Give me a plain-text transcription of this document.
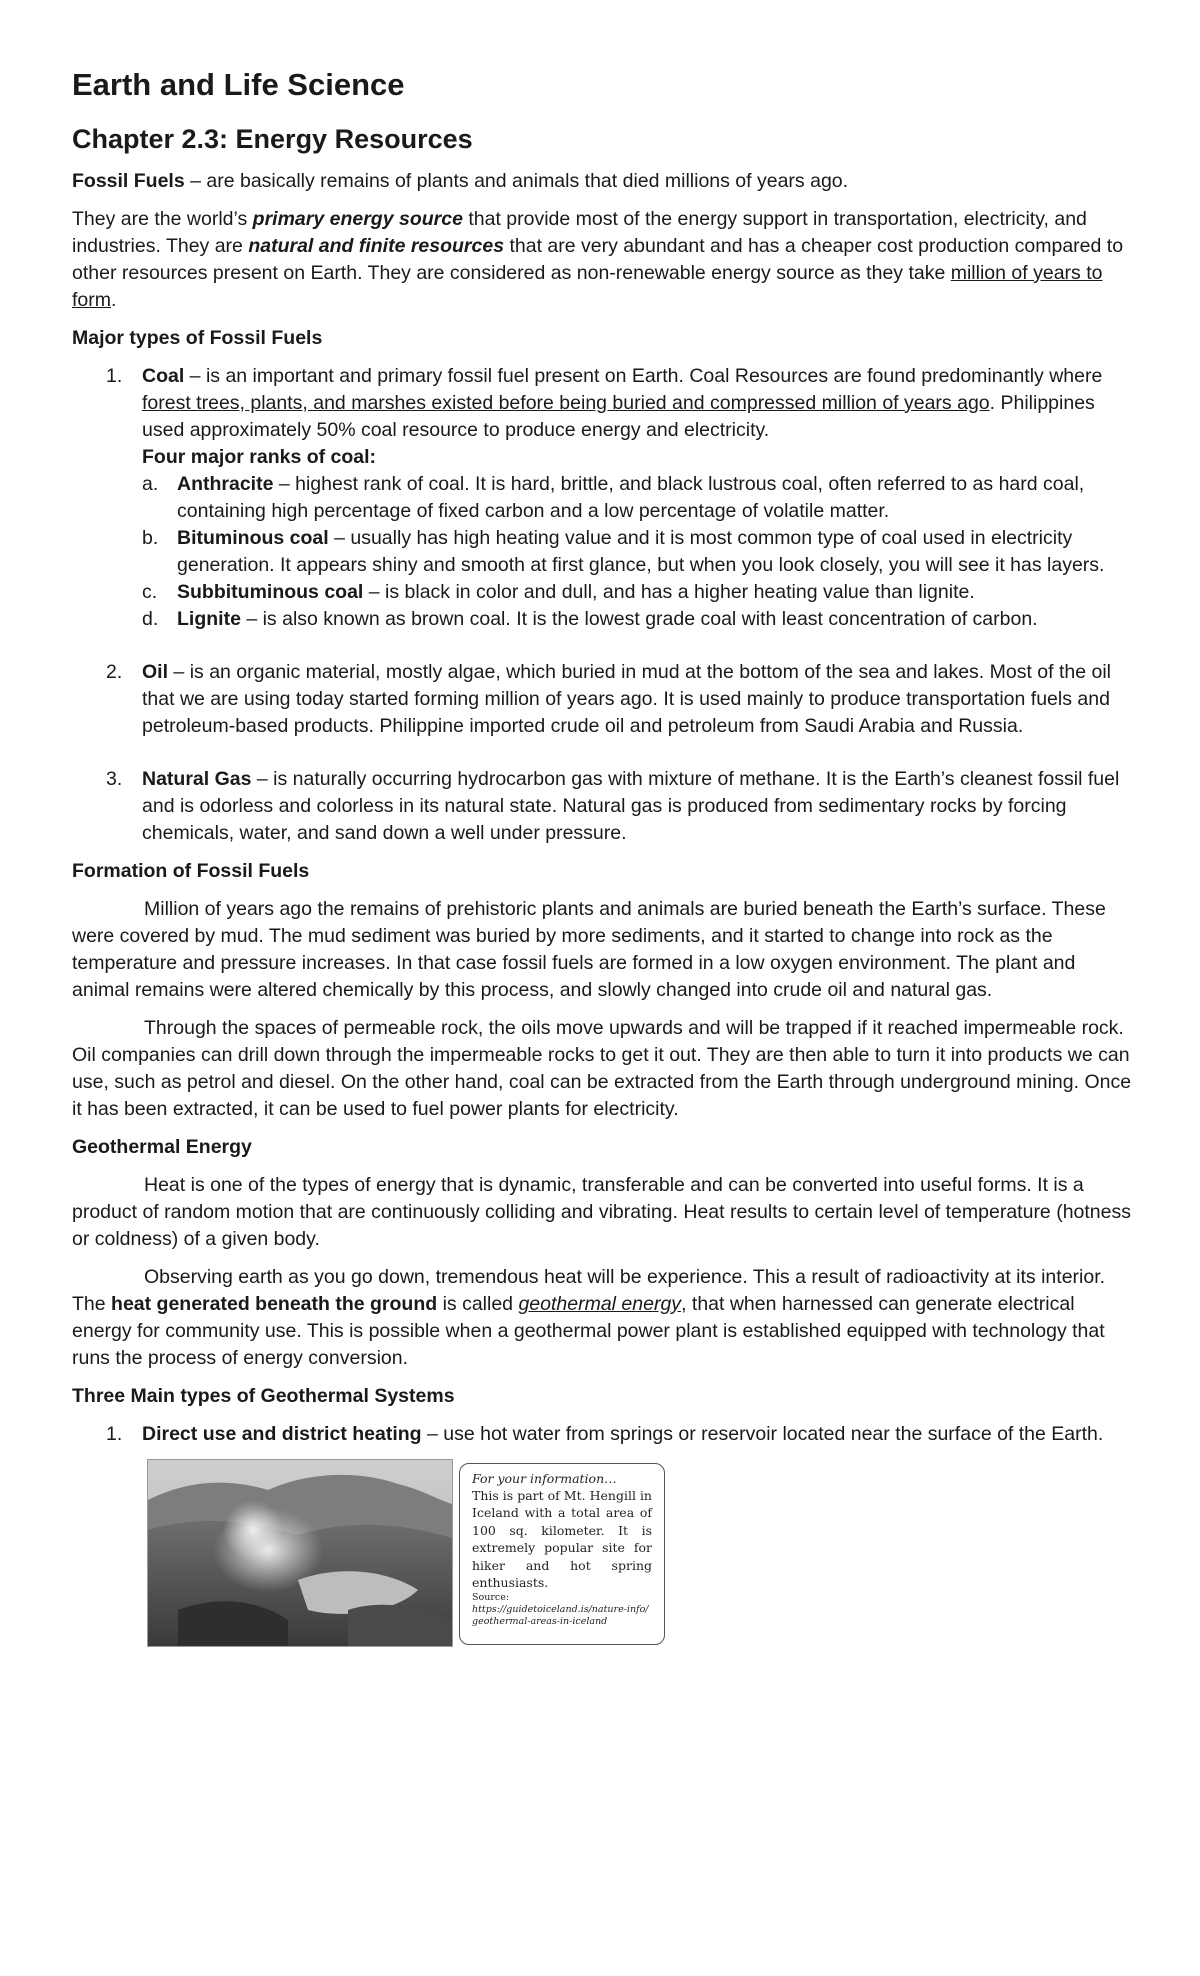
Earth and Life Science
Chapter 2.3: Energy Resources

Fossil Fuels – are basically remains of plants and animals that died millions of years ago.

They are the world’s primary energy source that provide most of the energy support in transportation, electricity, and industries. They are natural and finite resources that are very abundant and has a cheaper cost production compared to other resources present on Earth. They are considered as non-renewable energy source as they take million of years to form.

Major types of Fossil Fuels
1. Coal – is an important and primary fossil fuel present on Earth. Coal Resources are found predominantly where forest trees, plants, and marshes existed before being buried and compressed million of years ago. Philippines used approximately 50% coal resource to produce energy and electricity.
Four major ranks of coal:
a. Anthracite – highest rank of coal. It is hard, brittle, and black lustrous coal, often referred to as hard coal, containing high percentage of fixed carbon and a low percentage of volatile matter.
b. Bituminous coal – usually has high heating value and it is most common type of coal used in electricity generation. It appears shiny and smooth at first glance, but when you look closely, you will see it has layers.
c. Subbituminous coal – is black in color and dull, and has a higher heating value than lignite.
d. Lignite – is also known as brown coal. It is the lowest grade coal with least concentration of carbon.
2. Oil – is an organic material, mostly algae, which buried in mud at the bottom of the sea and lakes. Most of the oil that we are using today started forming million of years ago. It is used mainly to produce transportation fuels and petroleum-based products. Philippine imported crude oil and petroleum from Saudi Arabia and Russia.
3. Natural Gas – is naturally occurring hydrocarbon gas with mixture of methane. It is the Earth’s cleanest fossil fuel and is odorless and colorless in its natural state. Natural gas is produced from sedimentary rocks by forcing chemicals, water, and sand down a well under pressure.
Formation of Fossil Fuels

Million of years ago the remains of prehistoric plants and animals are buried beneath the Earth’s surface. These were covered by mud. The mud sediment was buried by more sediments, and it started to change into rock as the temperature and pressure increases. In that case fossil fuels are formed in a low oxygen environment. The plant and animal remains were altered chemically by this process, and slowly changed into crude oil and natural gas.

Through the spaces of permeable rock, the oils move upwards and will be trapped if it reached impermeable rock. Oil companies can drill down through the impermeable rocks to get it out. They are then able to turn it into products we can use, such as petrol and diesel. On the other hand, coal can be extracted from the Earth through underground mining. Once it has been extracted, it can be used to fuel power plants for electricity.

Geothermal Energy

Heat is one of the types of energy that is dynamic, transferable and can be converted into useful forms. It is a product of random motion that are continuously colliding and vibrating. Heat results to certain level of temperature (hotness or coldness) of a given body.

Observing earth as you go down, tremendous heat will be experience. This a result of radioactivity at its interior. The heat generated beneath the ground is called geothermal energy, that when harnessed can generate electrical energy for community use. This is possible when a geothermal power plant is established equipped with technology that runs the process of energy conversion.

Three Main types of Geothermal Systems
1. Direct use and district heating – use hot water from springs or reservoir located near the surface of the Earth.
For your information…
This is part of Mt. Hengill in Iceland with a total area of 100 sq. kilometer. It is extremely popular site for hiker and hot spring enthusiasts.
Source:
https://guidetoiceland.is/nature-info/geothermal-areas-in-iceland
